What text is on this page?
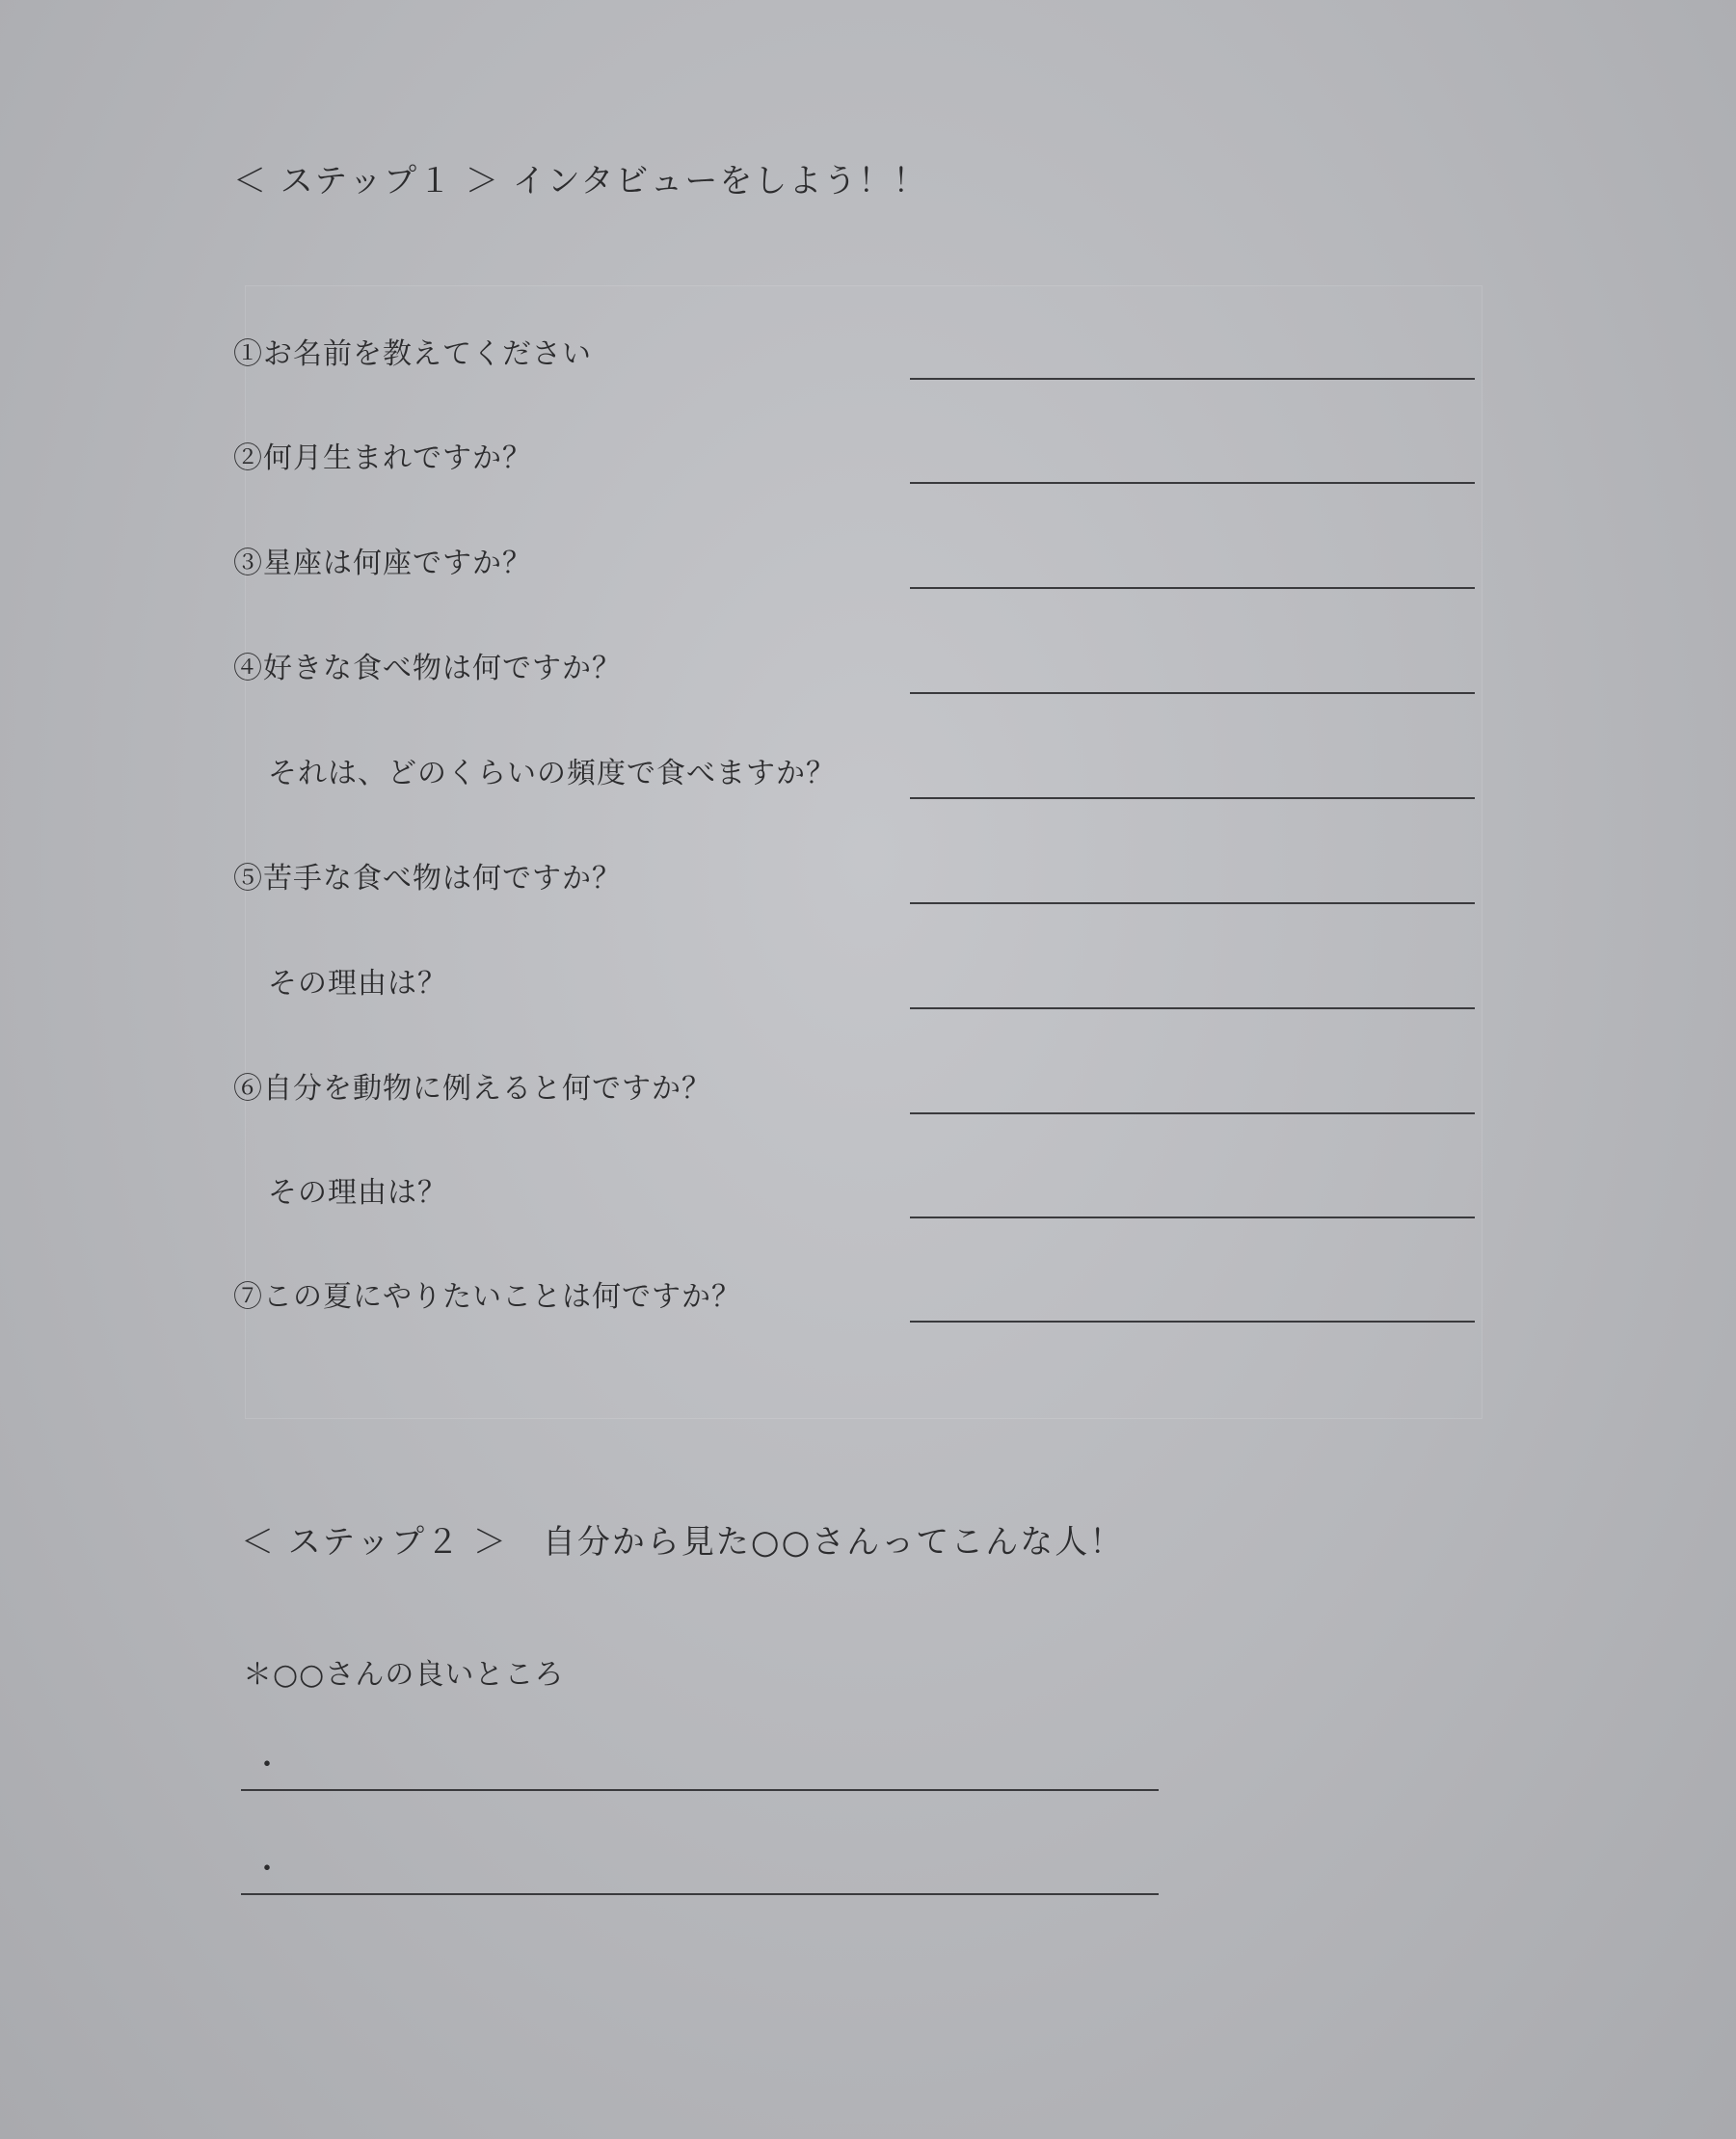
＜ ステップ１ ＞ インタビューをしよう！！
①お名前を教えてください
②何月生まれですか？
③星座は何座ですか？
④好きな食べ物は何ですか？
それは、どのくらいの頻度で食べますか？
⑤苦手な食べ物は何ですか？
その理由は？
⑥自分を動物に例えると何ですか？
その理由は？
⑦この夏にやりたいことは何ですか？
＜ ステップ２ ＞　自分から見た○○さんってこんな人！
＊○○さんの良いところ
・
・
